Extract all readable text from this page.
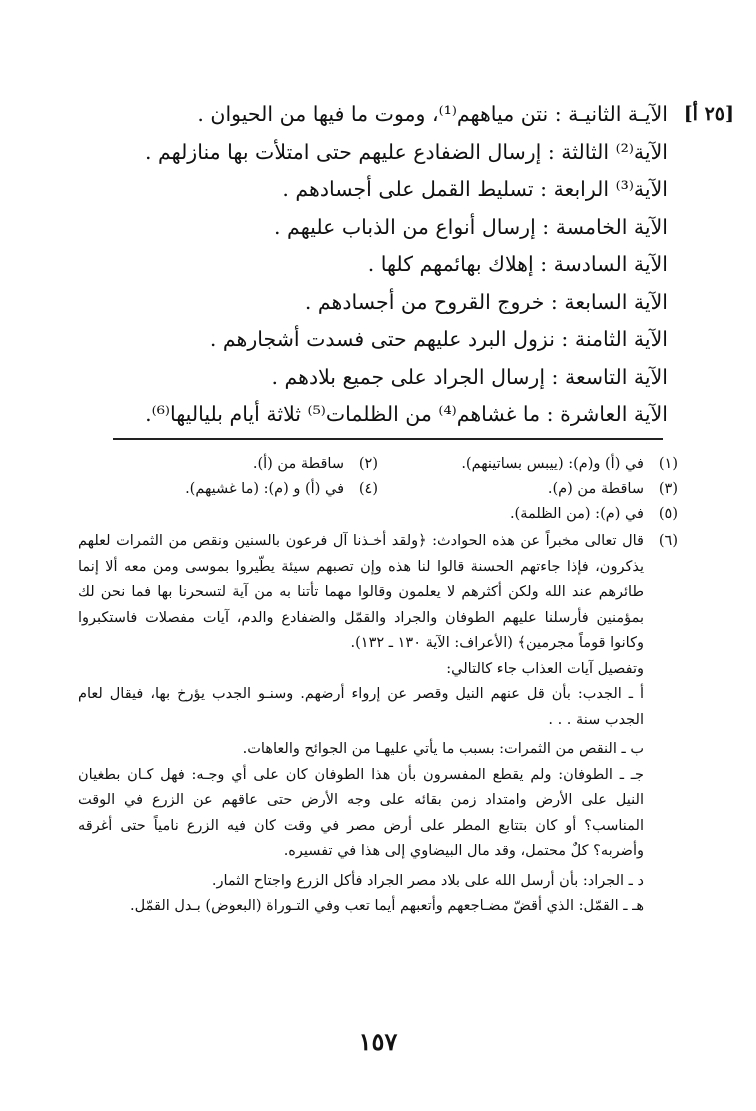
[٢٥ أ]
الآيـة الثانيـة : نتن مياههم⁽¹⁾، وموت ما فيها من الحيوان .
الآية⁽²⁾ الثالثة : إرسال الضفادع عليهم حتى امتلأت بها منازلهم .
الآية⁽³⁾ الرابعة : تسليط القمل على أجسادهم .
الآية الخامسة : إرسال أنواع من الذباب عليهم .
الآية السادسة : إهلاك بهائمهم كلها .
الآية السابعة : خروج القروح من أجسادهم .
الآية الثامنة : نزول البرد عليهم حتى فسدت أشجارهم .
الآية التاسعة : إرسال الجراد على جميع بلادهم .
الآية العاشرة : ما غشاهم⁽⁴⁾ من الظلمات⁽⁵⁾ ثلاثة أيام بلياليها⁽⁶⁾.
(١)
في (أ) و(م): (ييبس بساتينهم).
(٢)
ساقطة من (أ).
(٣)
ساقطة من (م).
(٤)
في (أ) و (م): (ما غشيهم).
(٥)
في (م): (من الظلمة).
(٦)
قال تعالى مخبراً عن هذه الحوادث: ﴿ولقد أخـذنا آل فرعون بالسنين ونقص من الثمرات لعلهم يذكرون، فإذا جاءتهم الحسنة قالوا لنا هذه وإن تصبهم سيئة يطّيروا بموسى ومن معه ألا إنما طائرهم عند الله ولكن أكثرهم لا يعلمون وقالوا مهما تأتنا به من آية لتسحرنا بها فما نحن لك بمؤمنين فأرسلنا عليهم الطوفان والجراد والقمّل والضفادع والدم، آيات مفصلات فاستكبروا وكانوا قوماً مجرمين﴾ (الأعراف: الآية ١٣٠ ـ ١٣٢).
وتفصيل آيات العذاب جاء كالتالي:
أ ـ الجدب: بأن قل عنهم النيل وقصر عن إرواء أرضهم. وسنـو الجدب يؤرخ بها، فيقال لعام الجدب سنة . . .
ب ـ النقص من الثمرات: بسبب ما يأتي عليهـا من الجوائح والعاهات.
جـ ـ الطوفان: ولم يقطع المفسرون بأن هذا الطوفان كان على أي وجـه: فهل كـان بطغيان النيل على الأرض وامتداد زمن بقائه على وجه الأرض حتى عاقهم عن الزرع في الوقت المناسب؟ أو كان بتتابع المطر على أرض مصر في وقت كان فيه الزرع نامياً حتى أغرقه وأضربه؟ كلٌ محتمل، وقد مال البيضاوي إلى هذا في تفسيره.
د ـ الجراد: بأن أرسل الله على بلاد مصر الجراد فأكل الزرع واجتاح الثمار.
هـ ـ القمّل: الذي أقضّ مضـاجعهم وأتعبهم أيما تعب وفي التـوراة (البعوض) بـدل القمّل.
١٥٧
